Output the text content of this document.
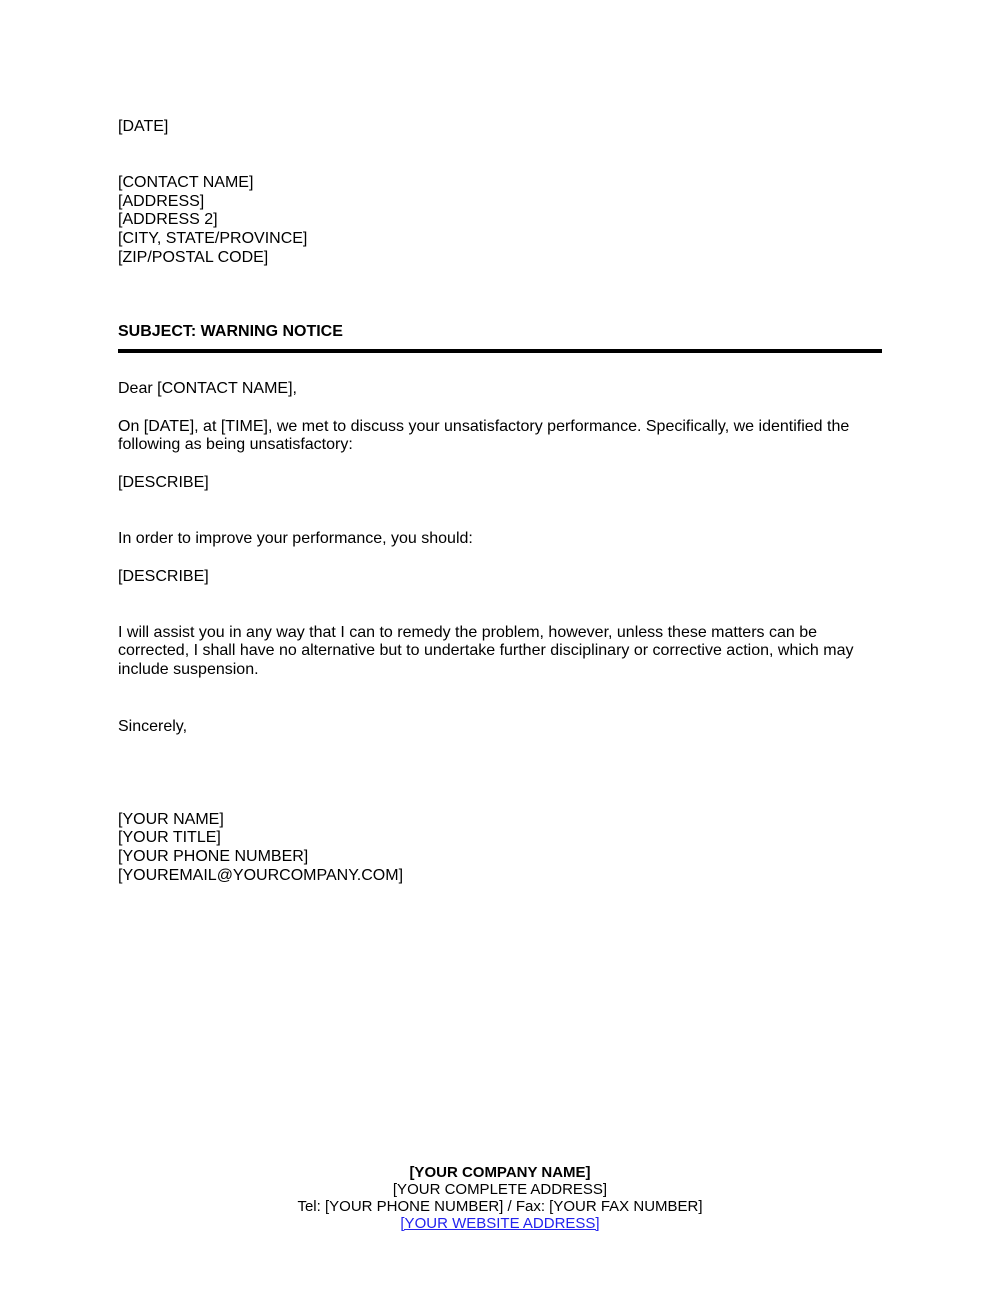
[DATE]
[CONTACT NAME]
[ADDRESS]
[ADDRESS 2]
[CITY, STATE/PROVINCE]
[ZIP/POSTAL CODE]
SUBJECT: WARNING NOTICE
Dear [CONTACT NAME],
On [DATE], at [TIME], we met to discuss your unsatisfactory performance. Specifically, we identified the
following as being unsatisfactory:
[DESCRIBE]
In order to improve your performance, you should:
[DESCRIBE]
I will assist you in any way that I can to remedy the problem, however, unless these matters can be
corrected, I shall have no alternative but to undertake further disciplinary or corrective action, which may
include suspension.
Sincerely,
[YOUR NAME]
[YOUR TITLE]
[YOUR PHONE NUMBER]
[YOUREMAIL@YOURCOMPANY.COM]
[YOUR COMPANY NAME]
[YOUR COMPLETE ADDRESS]
Tel: [YOUR PHONE NUMBER] / Fax: [YOUR FAX NUMBER]
[YOUR WEBSITE ADDRESS]
